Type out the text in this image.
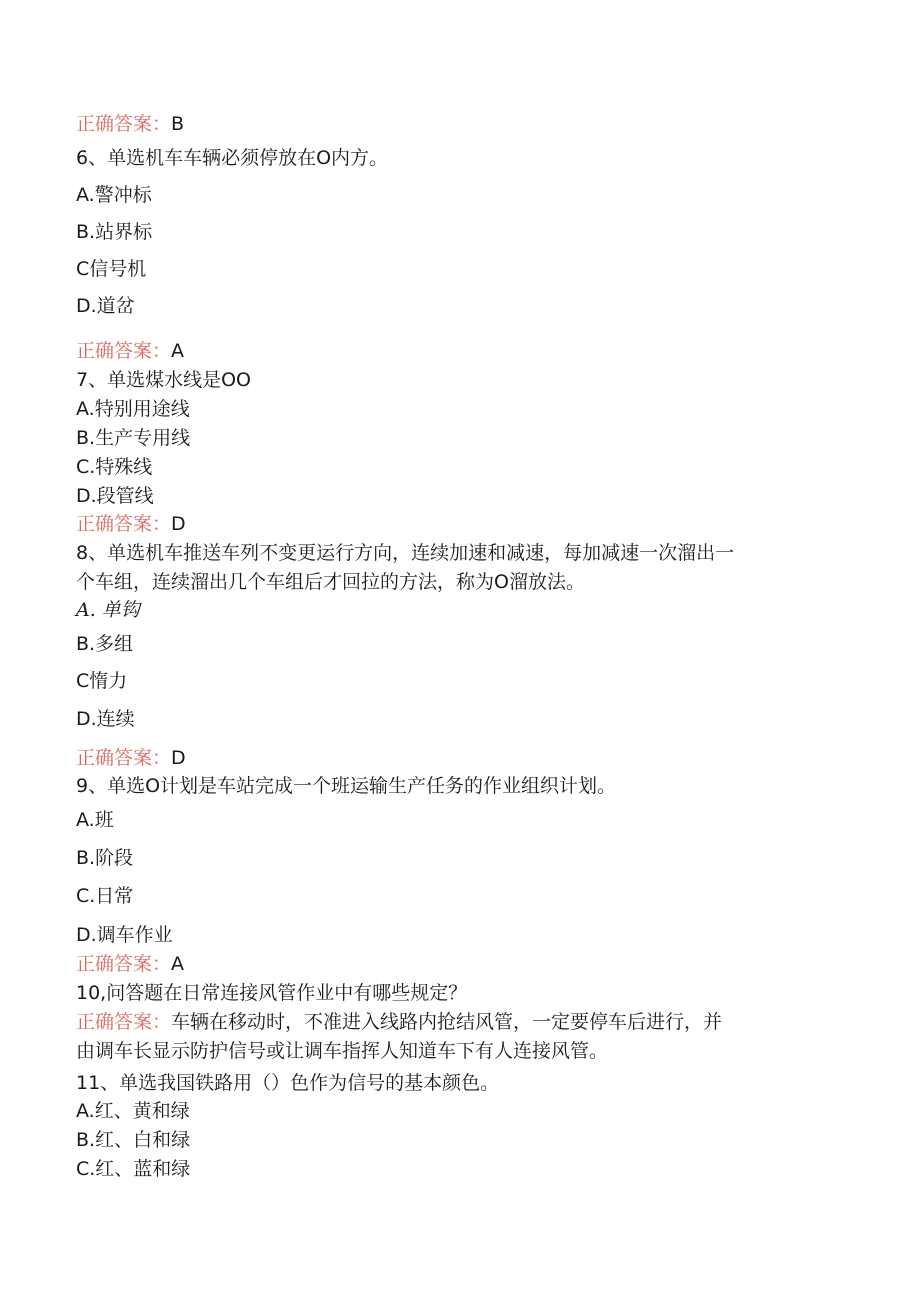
正确答案：B

6、单选机车车辆必须停放在O内方。

A.警冲标

B.站界标

C信号机

D.道岔

正确答案：A

7、单选煤水线是OO

A.特别用途线

B.生产专用线

C.特殊线

D.段管线

正确答案：D

8、单选机车推送车列不变更运行方向，连续加速和减速，每加减速一次溜出一

个车组，连续溜出几个车组后才回拉的方法，称为O溜放法。

A. 单钩

B.多组

C惰力

D.连续

正确答案：D

9、单选O计划是车站完成一个班运输生产任务的作业组织计划。

A.班

B.阶段

C.日常

D.调车作业

正确答案：A

10,问答题在日常连接风管作业中有哪些规定？

正确答案：车辆在移动时，不准进入线路内抢结风管，一定要停车后进行，并

由调车长显示防护信号或让调车指挥人知道车下有人连接风管。

11、单选我国铁路用（）色作为信号的基本颜色。

A.红、黄和绿

B.红、白和绿

C.红、蓝和绿
